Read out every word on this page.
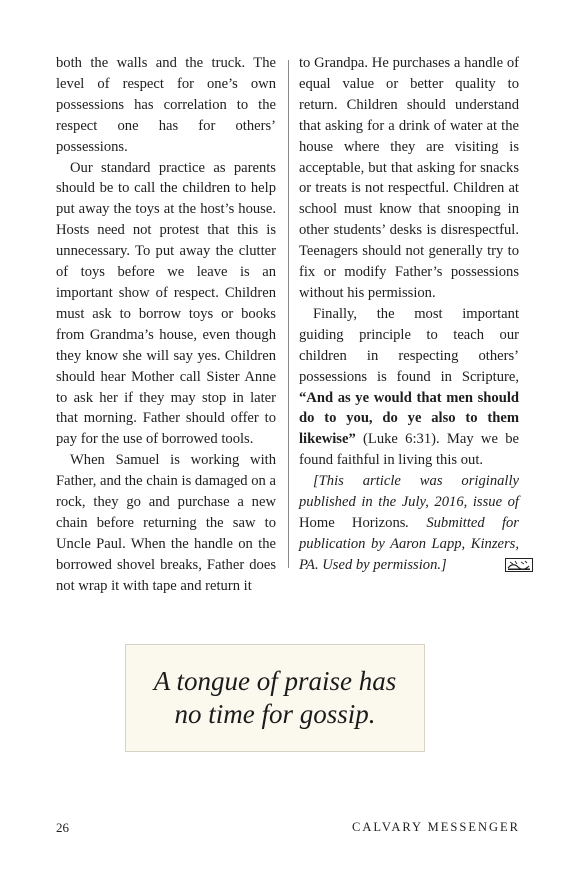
both the walls and the truck. The level of respect for one’s own possessions has correlation to the respect one has for others’ possessions.

Our standard practice as parents should be to call the children to help put away the toys at the host’s house. Hosts need not protest that this is unnecessary. To put away the clutter of toys before we leave is an important show of respect. Children must ask to borrow toys or books from Grandma’s house, even though they know she will say yes. Children should hear Mother call Sister Anne to ask her if they may stop in later that morning. Father should offer to pay for the use of borrowed tools.

When Samuel is working with Father, and the chain is damaged on a rock, they go and purchase a new chain before returning the saw to Uncle Paul. When the handle on the borrowed shovel breaks, Father does not wrap it with tape and return it

to Grandpa. He purchases a handle of equal value or better quality to return. Children should understand that asking for a drink of water at the house where they are visiting is acceptable, but that asking for snacks or treats is not respectful. Children at school must know that snooping in other students’ desks is disrespectful. Teenagers should not generally try to fix or modify Father’s possessions without his permission.

Finally, the most important guiding principle to teach our children in respecting others’ possessions is found in Scripture, “And as ye would that men should do to you, do ye also to them likewise” (Luke 6:31). May we be found faithful in living this out.

[This article was originally published in the July, 2016, issue of Home Horizons. Submitted for publication by Aaron Lapp, Kinzers, PA. Used by permission.]

A tongue of praise has
no time for gossip.
26	CALVARY MESSENGER
